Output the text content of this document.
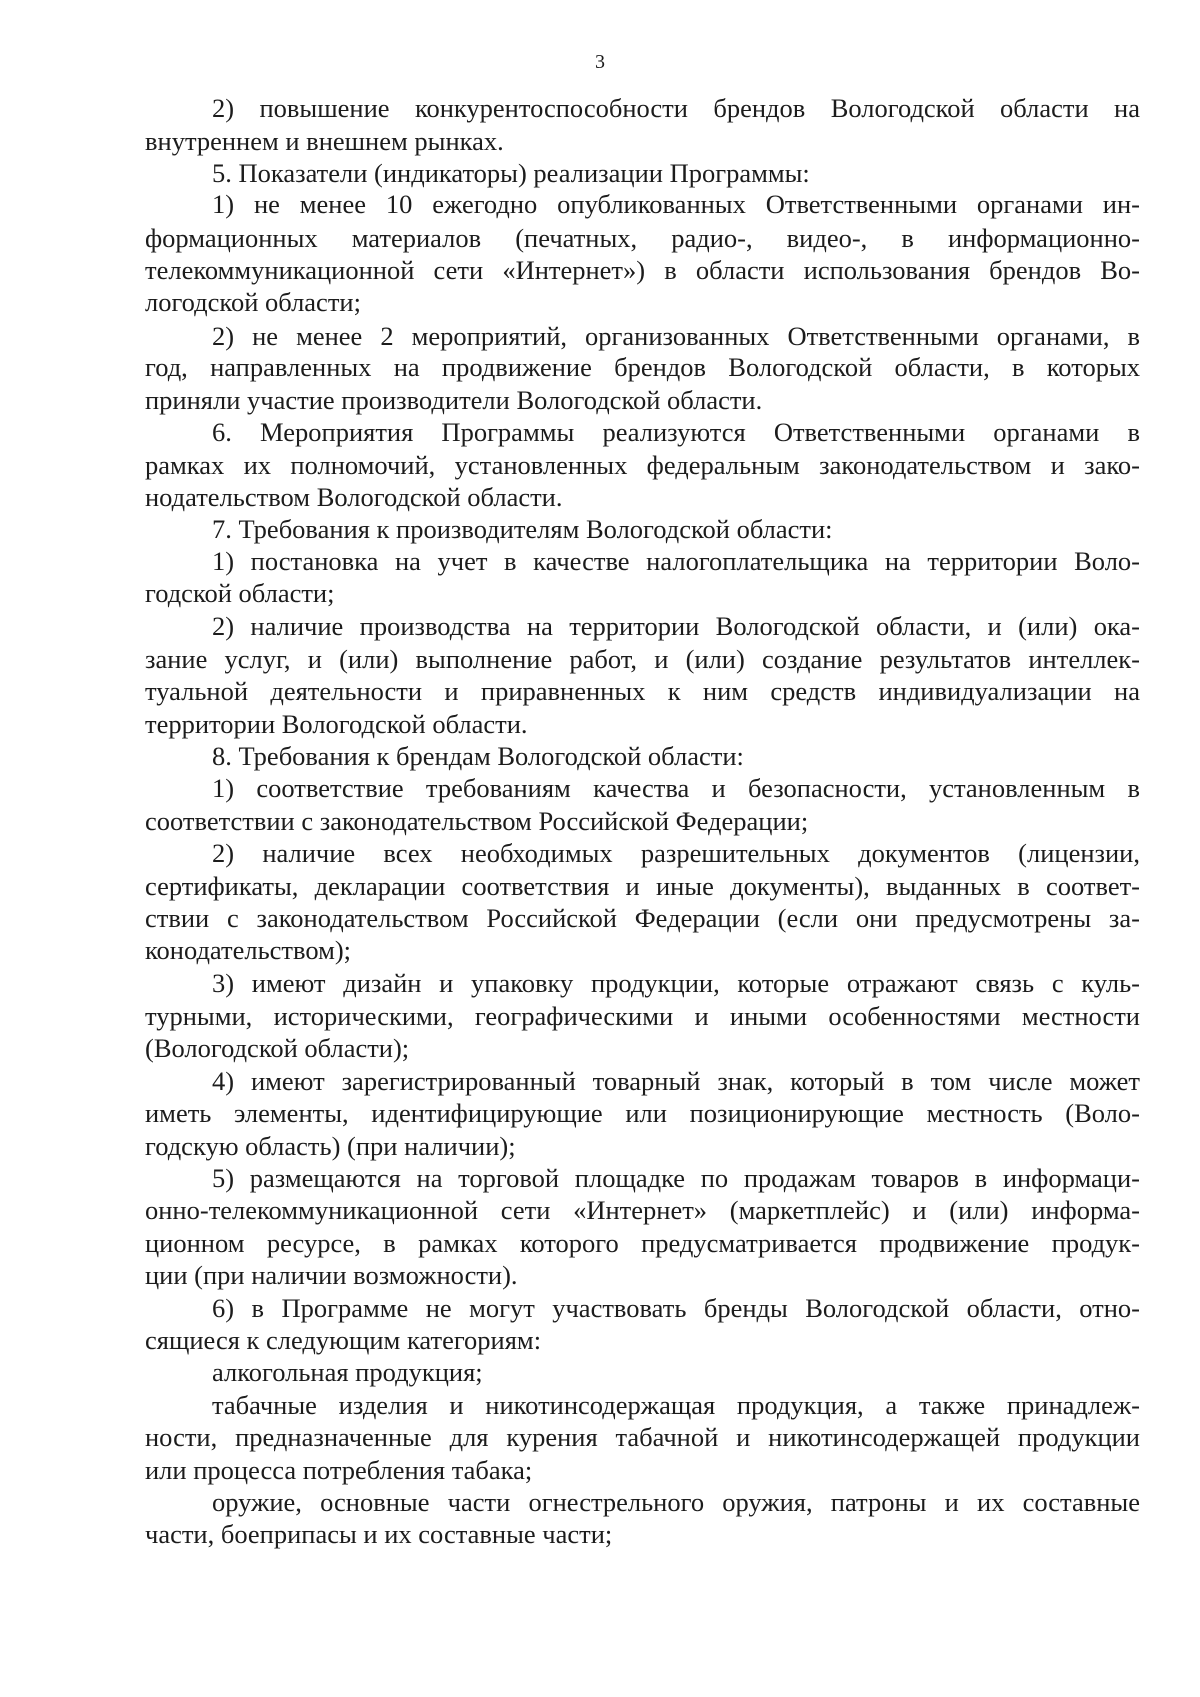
3
2) повышение конкурентоспособности брендов Вологодской области на
внутреннем и внешнем рынках.
5. Показатели (индикаторы) реализации Программы:
1) не менее 10 ежегодно опубликованных Ответственными органами ин-
формационных материалов (печатных, радио-, видео-, в информационно-
телекоммуникационной сети «Интернет») в области использования брендов Во-
логодской области;
2) не менее 2 мероприятий, организованных Ответственными органами, в
год, направленных на продвижение брендов Вологодской области, в которых
приняли участие производители Вологодской области.
6. Мероприятия Программы реализуются Ответственными органами в
рамках их полномочий, установленных федеральным законодательством и зако-
нодательством Вологодской области.
7. Требования к производителям Вологодской области:
1) постановка на учет в качестве налогоплательщика на территории Воло-
годской области;
2) наличие производства на территории Вологодской области, и (или) ока-
зание услуг, и (или) выполнение работ, и (или) создание результатов интеллек-
туальной деятельности и приравненных к ним средств индивидуализации на
территории Вологодской области.
8. Требования к брендам Вологодской области:
1) соответствие требованиям качества и безопасности, установленным в
соответствии с законодательством Российской Федерации;
2) наличие всех необходимых разрешительных документов (лицензии,
сертификаты, декларации соответствия и иные документы), выданных в соответ-
ствии с законодательством Российской Федерации (если они предусмотрены за-
конодательством);
3) имеют дизайн и упаковку продукции, которые отражают связь с куль-
турными, историческими, географическими и иными особенностями местности
(Вологодской области);
4) имеют зарегистрированный товарный знак, который в том числе может
иметь элементы, идентифицирующие или позиционирующие местность (Воло-
годскую область) (при наличии);
5) размещаются на торговой площадке по продажам товаров в информаци-
онно-телекоммуникационной сети «Интернет» (маркетплейс) и (или) информа-
ционном ресурсе, в рамках которого предусматривается продвижение продук-
ции (при наличии возможности).
6) в Программе не могут участвовать бренды Вологодской области, отно-
сящиеся к следующим категориям:
алкогольная продукция;
табачные изделия и никотинсодержащая продукция, а также принадлеж-
ности, предназначенные для курения табачной и никотинсодержащей продукции
или процесса потребления табака;
оружие, основные части огнестрельного оружия, патроны и их составные
части, боеприпасы и их составные части;
